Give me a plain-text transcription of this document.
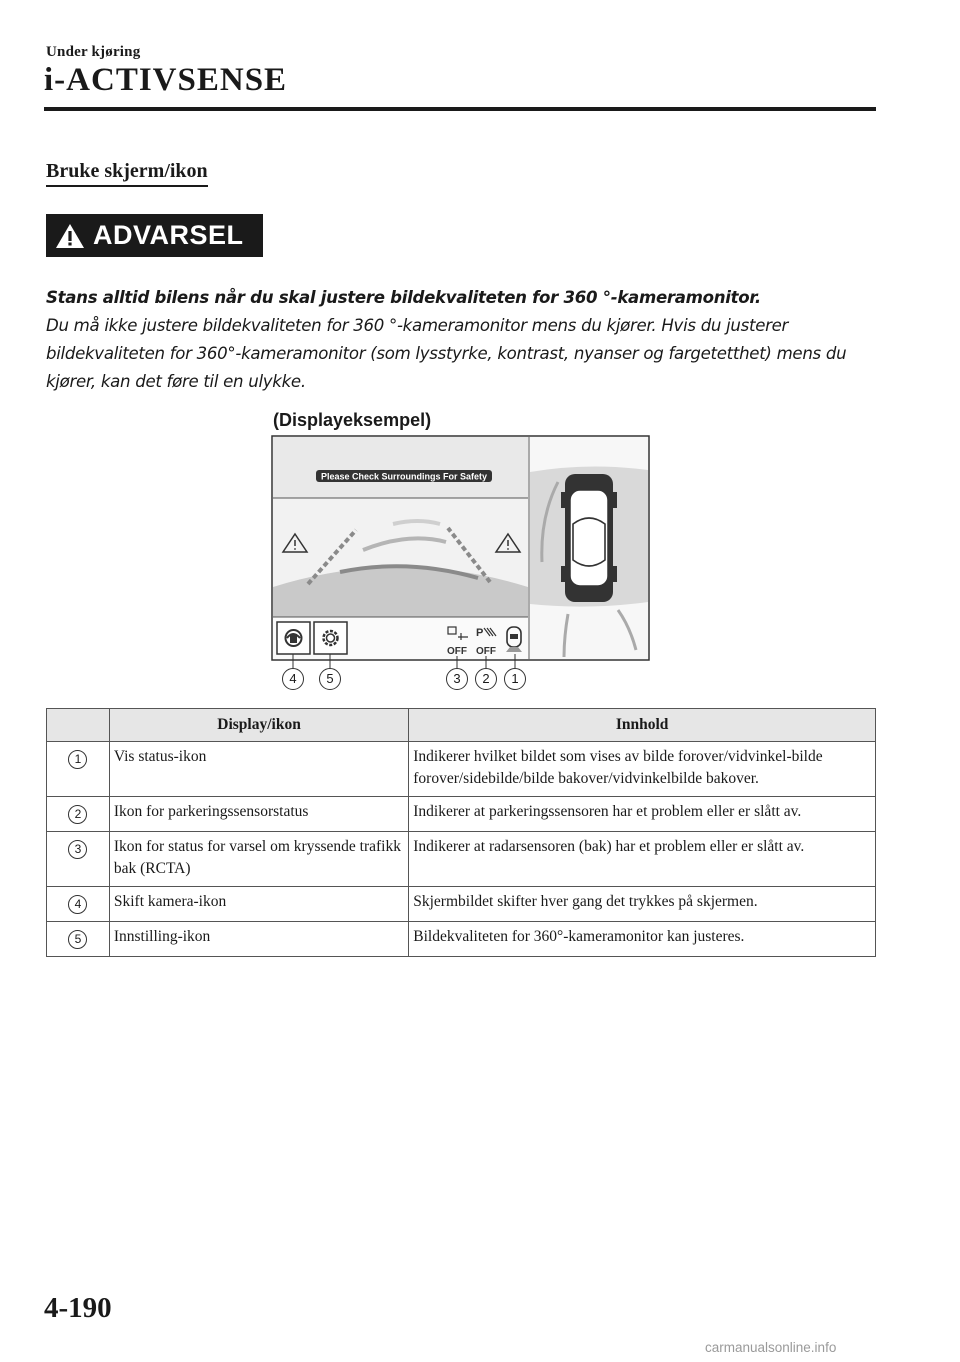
Under kjøring
i-ACTIVSENSE
Bruke skjerm/ikon
ADVARSEL
Stans alltid bilens når du skal justere bildekvaliteten for 360 °-kameramonitor.
Du må ikke justere bildekvaliteten for 360 °-kameramonitor mens du kjører. Hvis du justerer bildekvaliteten for 360°-kameramonitor (som lysstyrke, kontrast, nyanser og fargetetthet) mens du kjører, kan det føre til en ulykke.
(Displayeksempel)
Please Check Surroundings For Safety
OFF
P
OFF
4	5	3	2	1
	Display/ikon	Innhold
1	Vis status-ikon	Indikerer hvilket bildet som vises av bilde forover/vidvinkel-bilde forover/sidebilde/bilde bakover/vidvinkelbilde bakover.
2	Ikon for parkeringssensorstatus	Indikerer at parkeringssensoren har et problem eller er slått av.
3	Ikon for status for varsel om kryssende trafikk bak (RCTA)	Indikerer at radarsensoren (bak) har et problem eller er slått av.
4	Skift kamera-ikon	Skjermbildet skifter hver gang det trykkes på skjermen.
5	Innstilling-ikon	Bildekvaliteten for 360°-kameramonitor kan justeres.
4-190
carmanualsonline.info
